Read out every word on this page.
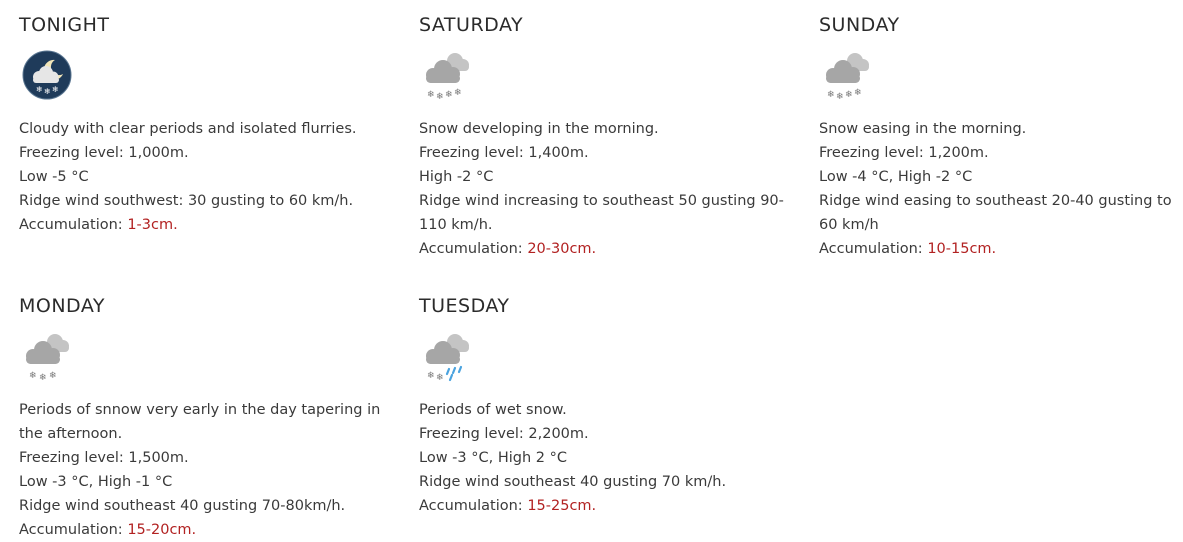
TONIGHT
❄ ❄ ❄

Cloudy with clear periods and isolated flurries.

Freezing level: 1,000m.

Low -5 °C

Ridge wind southwest: 30 gusting to 60 km/h.

Accumulation: 1-3cm.

SATURDAY
❄ ❄ ❄ ❄

Snow developing in the morning.

Freezing level: 1,400m.

High -2 °C

Ridge wind increasing to southeast 50 gusting 90-110 km/h.

Accumulation: 20-30cm.

SUNDAY
❄ ❄ ❄ ❄

Snow easing in the morning.

Freezing level: 1,200m.

Low -4 °C, High -2 °C

Ridge wind easing to southeast 20-40 gusting to 60 km/h

Accumulation: 10-15cm.

MONDAY
❄ ❄ ❄

Periods of snnow very early in the day tapering in the afternoon.

Freezing level: 1,500m.

Low -3 °C, High -1 °C

Ridge wind southeast 40 gusting 70-80km/h.

Accumulation: 15-20cm.

TUESDAY
❄ ❄

Periods of wet snow.

Freezing level: 2,200m.

Low -3 °C, High 2 °C

Ridge wind southeast 40 gusting 70 km/h.

Accumulation: 15-25cm.
